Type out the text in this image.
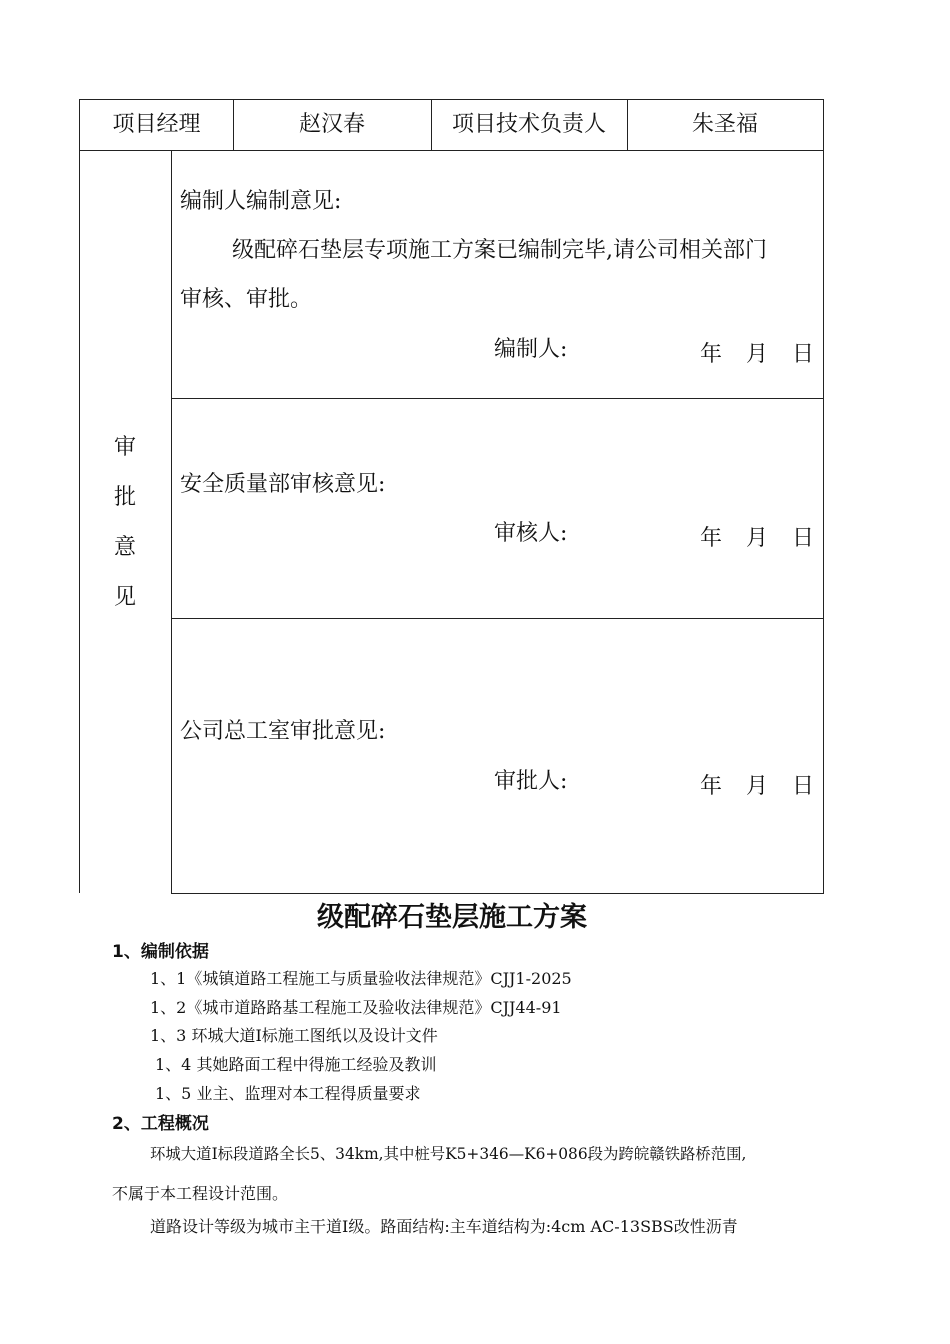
项目经理	赵汉春	项目技术负责人	朱圣福
审
批
意
见
编制人编制意见:
级配碎石垫层专项施工方案已编制完毕,请公司相关部门
审核、审批。
编制人:	年 月 日
安全质量部审核意见:
审核人:	年 月 日
公司总工室审批意见:
审批人:	年 月 日
级配碎石垫层施工方案
1、编制依据
1、1《城镇道路工程施工与质量验收法律规范》CJJ1-2025
1、2《城市道路路基工程施工及验收法律规范》CJJ44-91
1、3 环城大道Ⅰ标施工图纸以及设计文件
1、4 其她路面工程中得施工经验及教训
1、5 业主、监理对本工程得质量要求
2、工程概况
环城大道Ⅰ标段道路全长5、34km,其中桩号K5+346—K6+086段为跨皖赣铁路桥范围,
不属于本工程设计范围。
道路设计等级为城市主干道Ⅰ级。路面结构:主车道结构为:4cm AC-13SBS改性沥青
